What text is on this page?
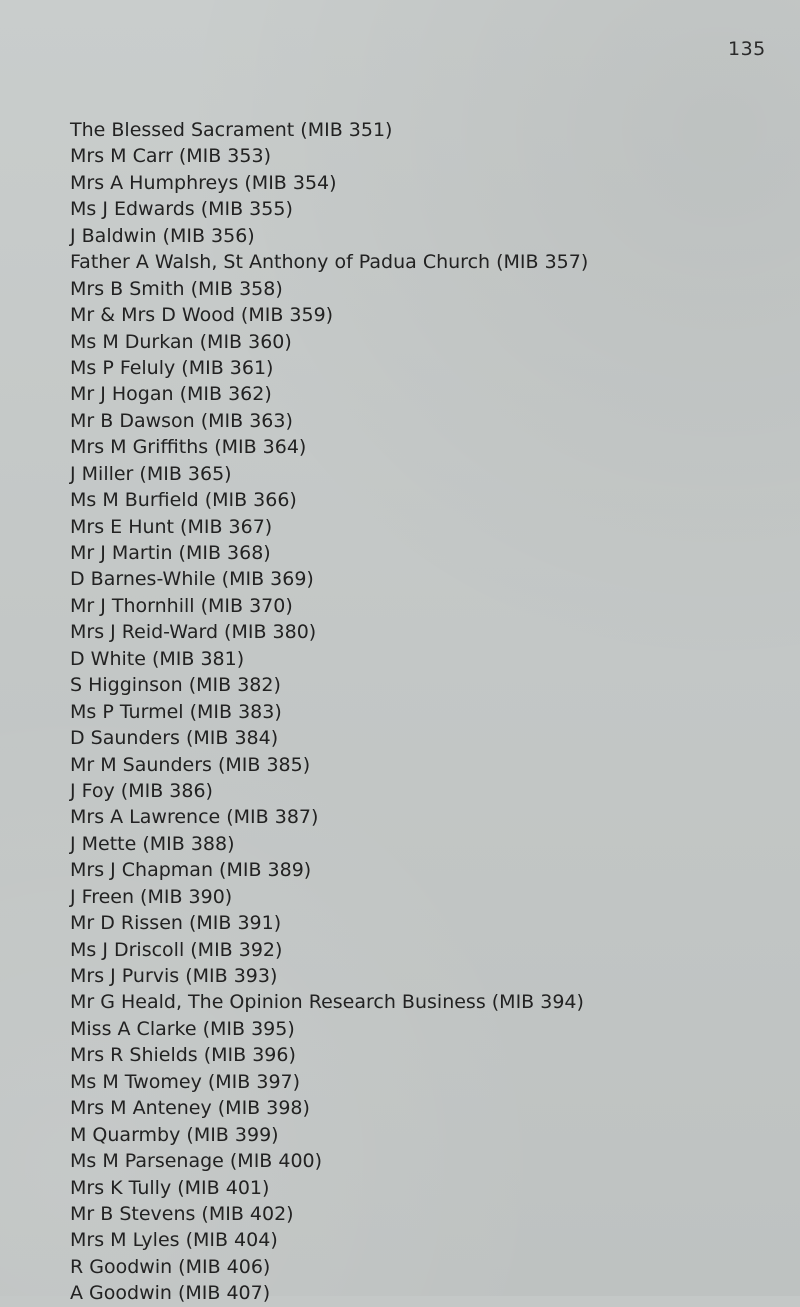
135
The Blessed Sacrament (MIB 351)
Mrs M Carr (MIB 353)
Mrs A Humphreys (MIB 354)
Ms J Edwards (MIB 355)
J Baldwin (MIB 356)
Father A Walsh, St Anthony of Padua Church (MIB 357)
Mrs B Smith (MIB 358)
Mr & Mrs D Wood (MIB 359)
Ms M Durkan (MIB 360)
Ms P Feluly (MIB 361)
Mr J Hogan (MIB 362)
Mr B Dawson (MIB 363)
Mrs M Griffiths (MIB 364)
J Miller (MIB 365)
Ms M Burfield (MIB 366)
Mrs E Hunt (MIB 367)
Mr J Martin (MIB 368)
D Barnes-While (MIB 369)
Mr J Thornhill (MIB 370)
Mrs J Reid-Ward (MIB 380)
D White (MIB 381)
S Higginson (MIB 382)
Ms P Turmel (MIB 383)
D Saunders (MIB 384)
Mr M Saunders (MIB 385)
J Foy (MIB 386)
Mrs A Lawrence (MIB 387)
J Mette (MIB 388)
Mrs J Chapman (MIB 389)
J Freen (MIB 390)
Mr D Rissen (MIB 391)
Ms J Driscoll (MIB 392)
Mrs J Purvis (MIB 393)
Mr G Heald, The Opinion Research Business (MIB 394)
Miss A Clarke (MIB 395)
Mrs R Shields (MIB 396)
Ms M Twomey (MIB 397)
Mrs M Anteney (MIB 398)
M Quarmby (MIB 399)
Ms M Parsenage (MIB 400)
Mrs K Tully (MIB 401)
Mr B Stevens (MIB 402)
Mrs M Lyles (MIB 404)
R Goodwin (MIB 406)
A Goodwin (MIB 407)
